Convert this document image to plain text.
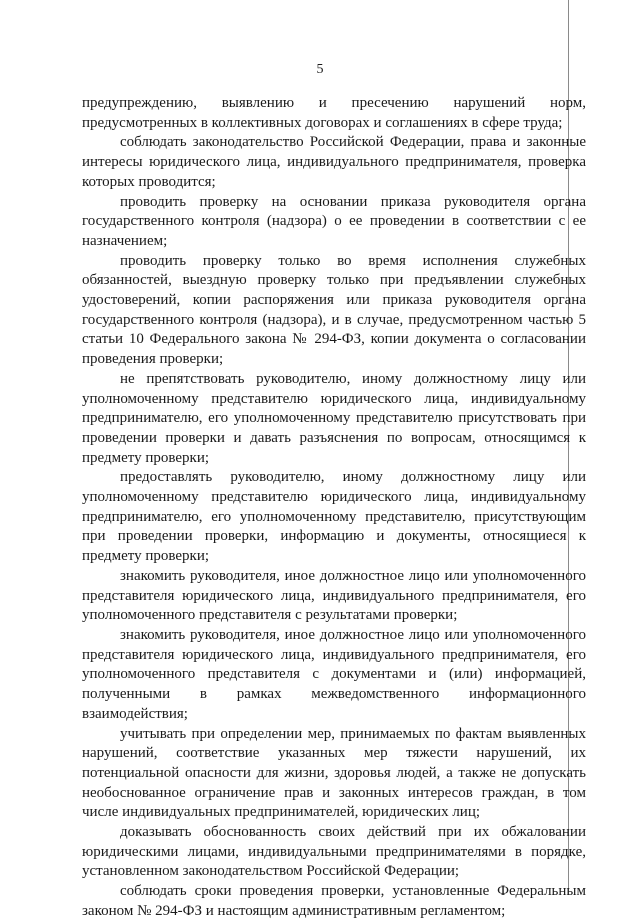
5

предупреждению, выявлению и пресечению нарушений норм, предусмотренных в коллективных договорах и соглашениях в сфере труда;

соблюдать законодательство Российской Федерации, права и законные интересы юридического лица, индивидуального предпринимателя, проверка которых проводится;

проводить проверку на основании приказа руководителя органа государственного контроля (надзора) о ее проведении в соответствии с ее назначением;

проводить проверку только во время исполнения служебных обязанностей, выездную проверку только при предъявлении служебных удостоверений, копии распоряжения или приказа руководителя органа государственного контроля (надзора), и в случае, предусмотренном частью 5 статьи 10 Федерального закона № 294-ФЗ, копии документа о согласовании проведения проверки;

не препятствовать руководителю, иному должностному лицу или уполномоченному представителю юридического лица, индивидуальному предпринимателю, его уполномоченному представителю присутствовать при проведении проверки и давать разъяснения по вопросам, относящимся к предмету проверки;

предоставлять руководителю, иному должностному лицу или уполномоченному представителю юридического лица, индивидуальному предпринимателю, его уполномоченному представителю, присутствующим при проведении проверки, информацию и документы, относящиеся к предмету проверки;

знакомить руководителя, иное должностное лицо или уполномоченного представителя юридического лица, индивидуального предпринимателя, его уполномоченного представителя с результатами проверки;

знакомить руководителя, иное должностное лицо или уполномоченного представителя юридического лица, индивидуального предпринимателя, его уполномоченного представителя с документами и (или) информацией, полученными в рамках межведомственного информационного взаимодействия;

учитывать при определении мер, принимаемых по фактам выявленных нарушений, соответствие указанных мер тяжести нарушений, их потенциальной опасности для жизни, здоровья людей, а также не допускать необоснованное ограничение прав и законных интересов граждан, в том числе индивидуальных предпринимателей, юридических лиц;

доказывать обоснованность своих действий при их обжаловании юридическими лицами, индивидуальными предпринимателями в порядке, установленном законодательством Российской Федерации;

соблюдать сроки проведения проверки, установленные Федеральным законом № 294-ФЗ и настоящим административным регламентом;
